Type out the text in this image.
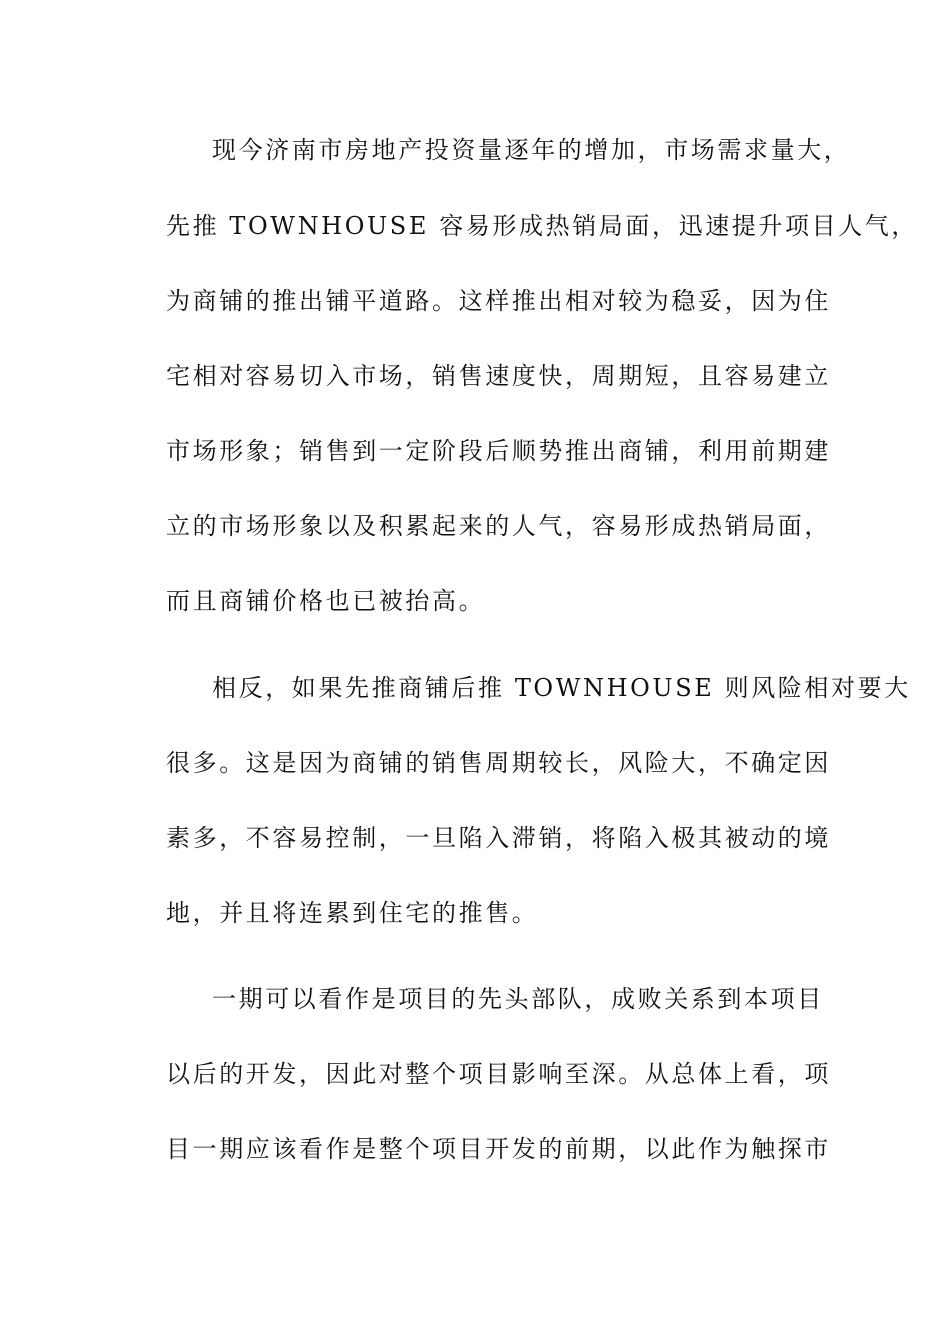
现今济南市房地产投资量逐年的增加，市场需求量大，
先推 TOWNHOUSE 容易形成热销局面，迅速提升项目人气，
为商铺的推出铺平道路。这样推出相对较为稳妥，因为住
宅相对容易切入市场，销售速度快，周期短，且容易建立
市场形象；销售到一定阶段后顺势推出商铺，利用前期建
立的市场形象以及积累起来的人气，容易形成热销局面，
而且商铺价格也已被抬高。
相反，如果先推商铺后推 TOWNHOUSE 则风险相对要大
很多。这是因为商铺的销售周期较长，风险大，不确定因
素多，不容易控制，一旦陷入滞销，将陷入极其被动的境
地，并且将连累到住宅的推售。
一期可以看作是项目的先头部队，成败关系到本项目
以后的开发，因此对整个项目影响至深。从总体上看，项
目一期应该看作是整个项目开发的前期，以此作为触探市
